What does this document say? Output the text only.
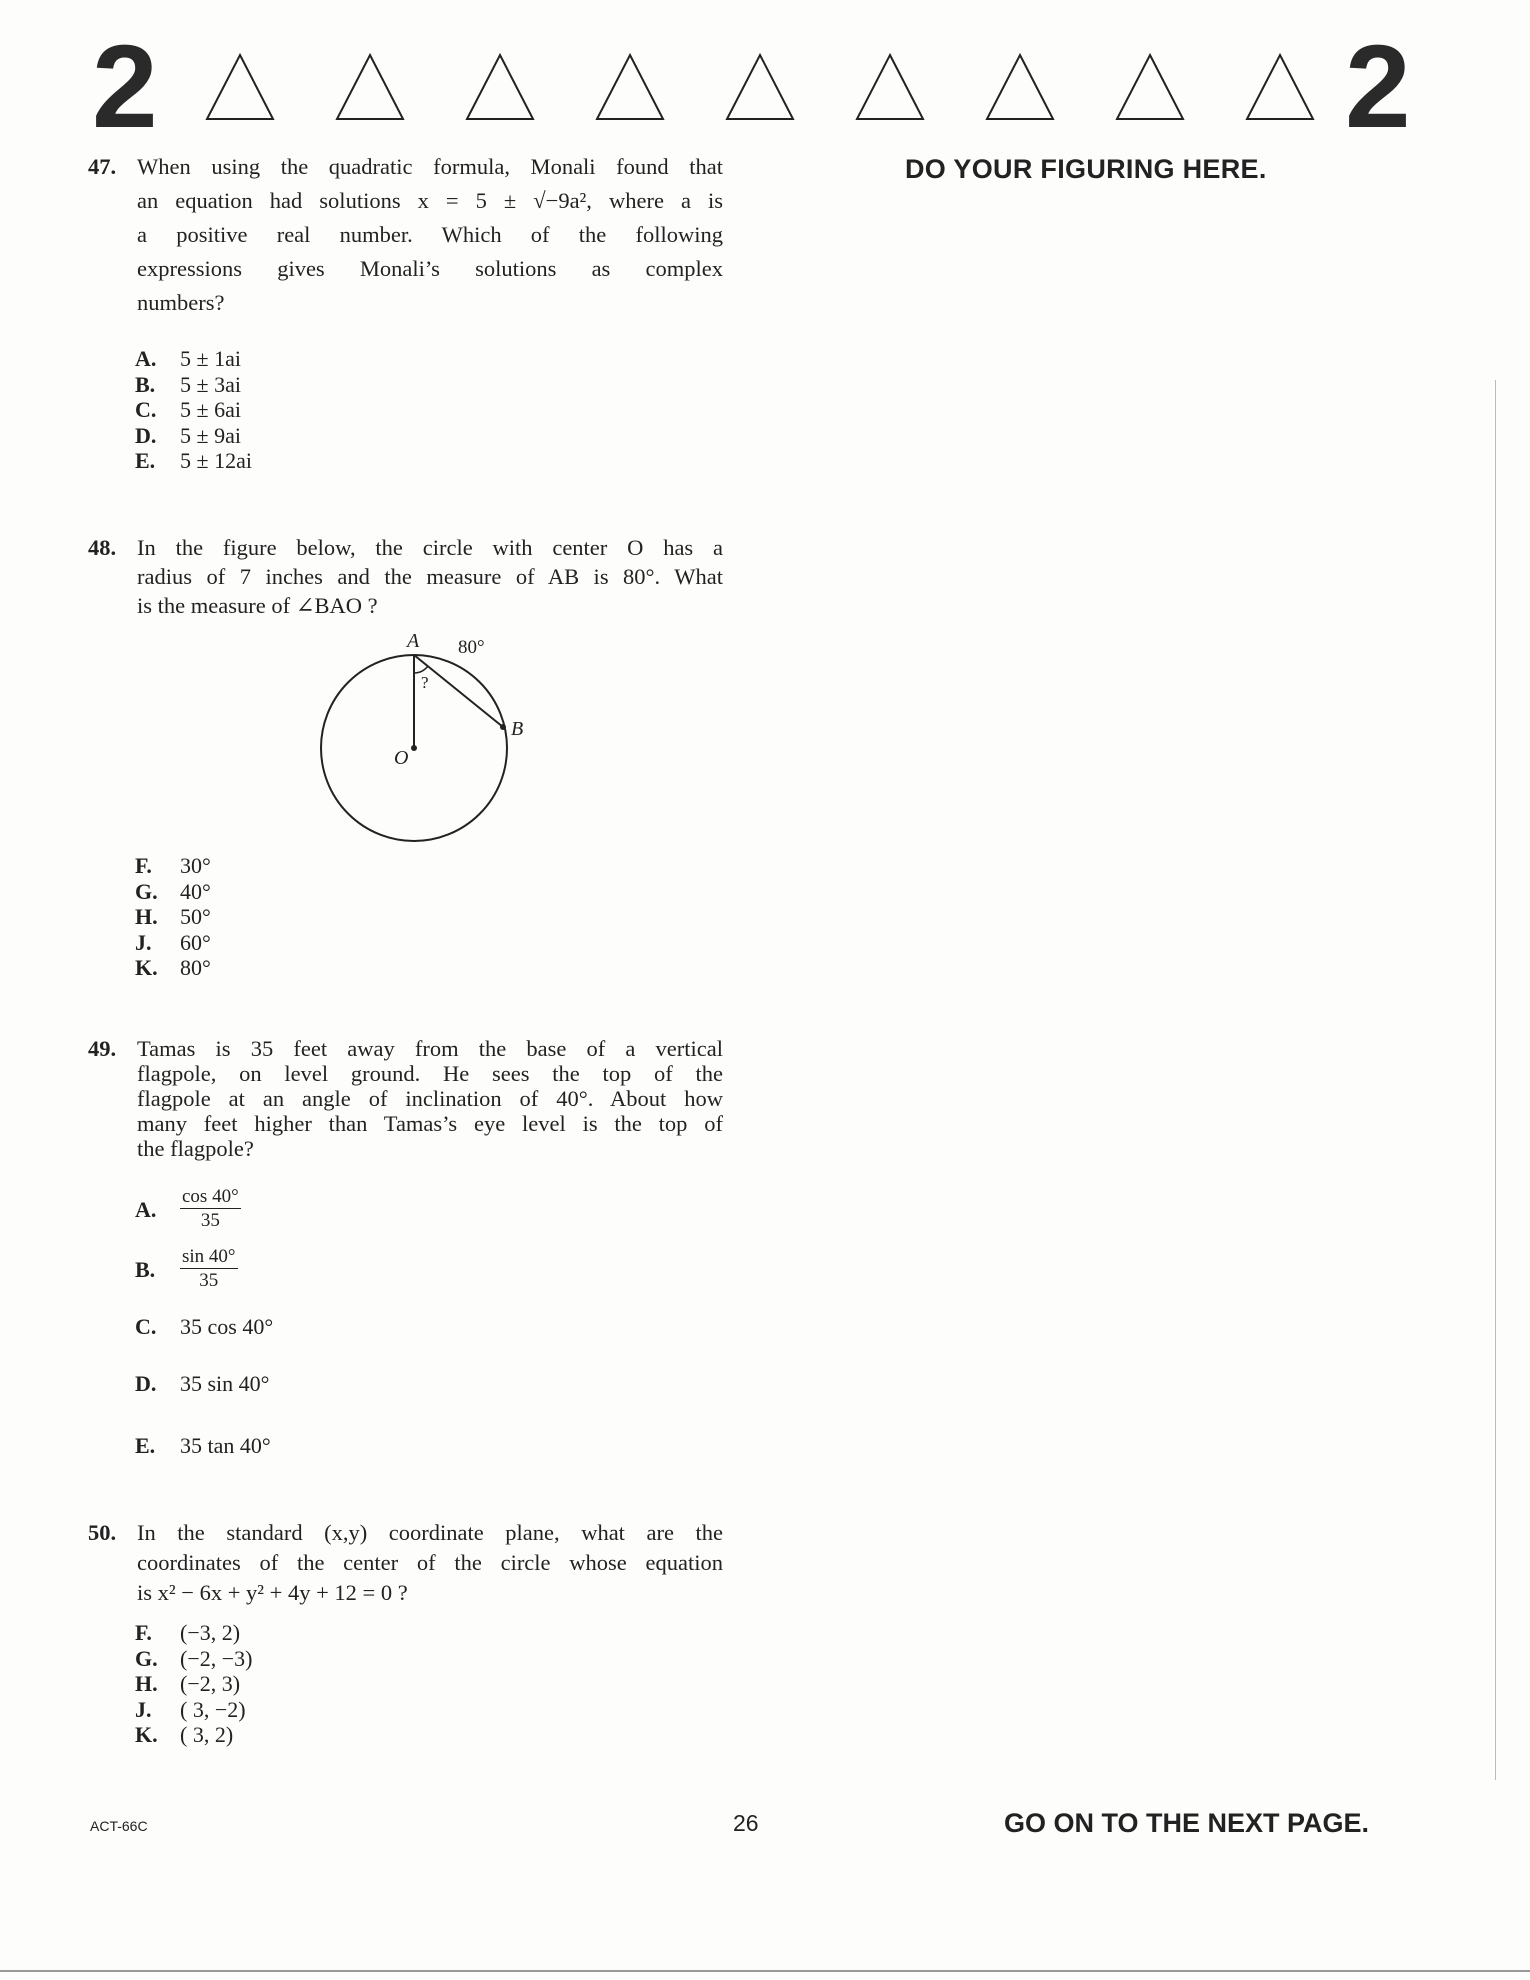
2	2
DO YOUR FIGURING HERE.
47. When using the quadratic formula, Monali found that
an equation had solutions x = 5 ± √−9a², where a is
a positive real number. Which of the following
expressions gives Monali’s solutions as complex
numbers?
A. 5 ± 1ai
B. 5 ± 3ai
C. 5 ± 6ai
D. 5 ± 9ai
E. 5 ± 12ai
48. In the figure below, the circle with center O has a
radius of 7 inches and the measure of AB is 80°. What
is the measure of ∠BAO ?
A
B
O
80°
?
F. 30°
G. 40°
H. 50°
J. 60°
K. 80°
49. Tamas is 35 feet away from the base of a vertical
flagpole, on level ground. He sees the top of the
flagpole at an angle of inclination of 40°. About how
many feet higher than Tamas’s eye level is the top of
the flagpole?
A. $\frac{\cos 40^\circ}{35}$
B. $\frac{\sin 40^\circ}{35}$
C. 35 cos 40°
D. 35 sin 40°
E. 35 tan 40°
50. In the standard (x,y) coordinate plane, what are the
coordinates of the center of the circle whose equation
is x² − 6x + y² + 4y + 12 = 0 ?
F. (−3, 2)
G. (−2, −3)
H. (−2, 3)
J. ( 3, −2)
K. ( 3, 2)
ACT-66C	26	GO ON TO THE NEXT PAGE.
